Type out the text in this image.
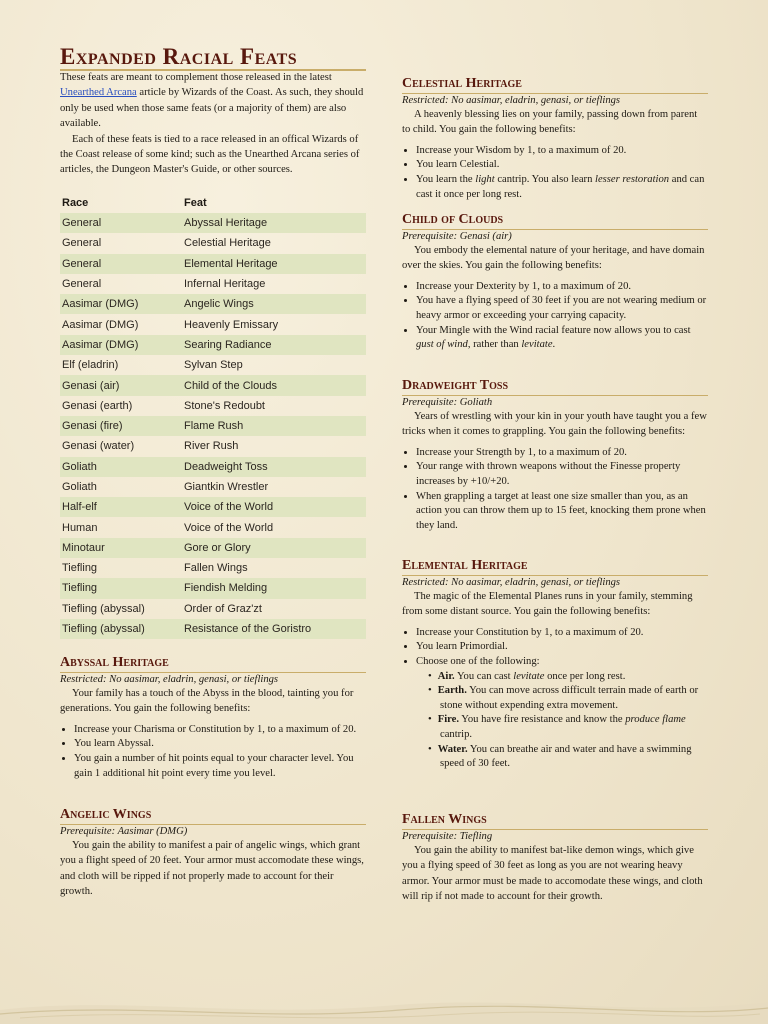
Expanded Racial Feats

These feats are meant to complement those released in the latest Unearthed Arcana article by Wizards of the Coast. As such, they should only be used when those same feats (or a majority of them) are also available.

Each of these feats is tied to a race released in an offical Wizards of the Coast release of some kind; such as the Unearthed Arcana series of articles, the Dungeon Master's Guide, or other sources.

Race	Feat
General	Abyssal Heritage
General	Celestial Heritage
General	Elemental Heritage
General	Infernal Heritage
Aasimar (DMG)	Angelic Wings
Aasimar (DMG)	Heavenly Emissary
Aasimar (DMG)	Searing Radiance
Elf (eladrin)	Sylvan Step
Genasi (air)	Child of the Clouds
Genasi (earth)	Stone's Redoubt
Genasi (fire)	Flame Rush
Genasi (water)	River Rush
Goliath	Deadweight Toss
Goliath	Giantkin Wrestler
Half-elf	Voice of the World
Human	Voice of the World
Minotaur	Gore or Glory
Tiefling	Fallen Wings
Tiefling	Fiendish Melding
Tiefling (abyssal)	Order of Graz'zt
Tiefling (abyssal)	Resistance of the Goristro
Abyssal Heritage

Restricted: No aasimar, eladrin, genasi, or tieflings

Your family has a touch of the Abyss in the blood, tainting you for generations. You gain the following benefits:

• Increase your Charisma or Constitution by 1, to a maximum of 20.
• You learn Abyssal.
• You gain a number of hit points equal to your character level. You gain 1 additional hit point every time you level.
Angelic Wings

Prerequisite: Aasimar (DMG)

You gain the ability to manifest a pair of angelic wings, which grant you a flight speed of 20 feet. Your armor must accomodate these wings, and cloth will be ripped if not properly made to account for their growth.

Celestial Heritage

Restricted: No aasimar, eladrin, genasi, or tieflings

A heavenly blessing lies on your family, passing down from parent to child. You gain the following benefits:

• Increase your Wisdom by 1, to a maximum of 20.
• You learn Celestial.
• You learn the light cantrip. You also learn lesser restoration and can cast it once per long rest.
Child of Clouds

Prerequisite: Genasi (air)

You embody the elemental nature of your heritage, and have domain over the skies. You gain the following benefits:

• Increase your Dexterity by 1, to a maximum of 20.
• You have a flying speed of 30 feet if you are not wearing medium or heavy armor or exceeding your carrying capacity.
• Your Mingle with the Wind racial feature now allows you to cast gust of wind, rather than levitate.
Dradweight Toss

Prerequisite: Goliath

Years of wrestling with your kin in your youth have taught you a few tricks when it comes to grappling. You gain the following benefits:

• Increase your Strength by 1, to a maximum of 20.
• Your range with thrown weapons without the Finesse property increases by +10/+20.
• When grappling a target at least one size smaller than you, as an action you can throw them up to 15 feet, knocking them prone when they land.
Elemental Heritage

Restricted: No aasimar, eladrin, genasi, or tieflings

The magic of the Elemental Planes runs in your family, stemming from some distant source. You gain the following benefits:

• Increase your Constitution by 1, to a maximum of 20.
• You learn Primordial.
• Choose one of the following:
• Air. You can cast levitate once per long rest.
• Earth. You can move across difficult terrain made of earth or stone without expending extra movement.
• Fire. You have fire resistance and know the produce flame cantrip.
• Water. You can breathe air and water and have a swimming speed of 30 feet.
Fallen Wings

Prerequisite: Tiefling

You gain the ability to manifest bat-like demon wings, which give you a flying speed of 30 feet as long as you are not wearing heavy armor. Your armor must be made to accomodate these wings, and cloth will rip if not made to account for their growth.
